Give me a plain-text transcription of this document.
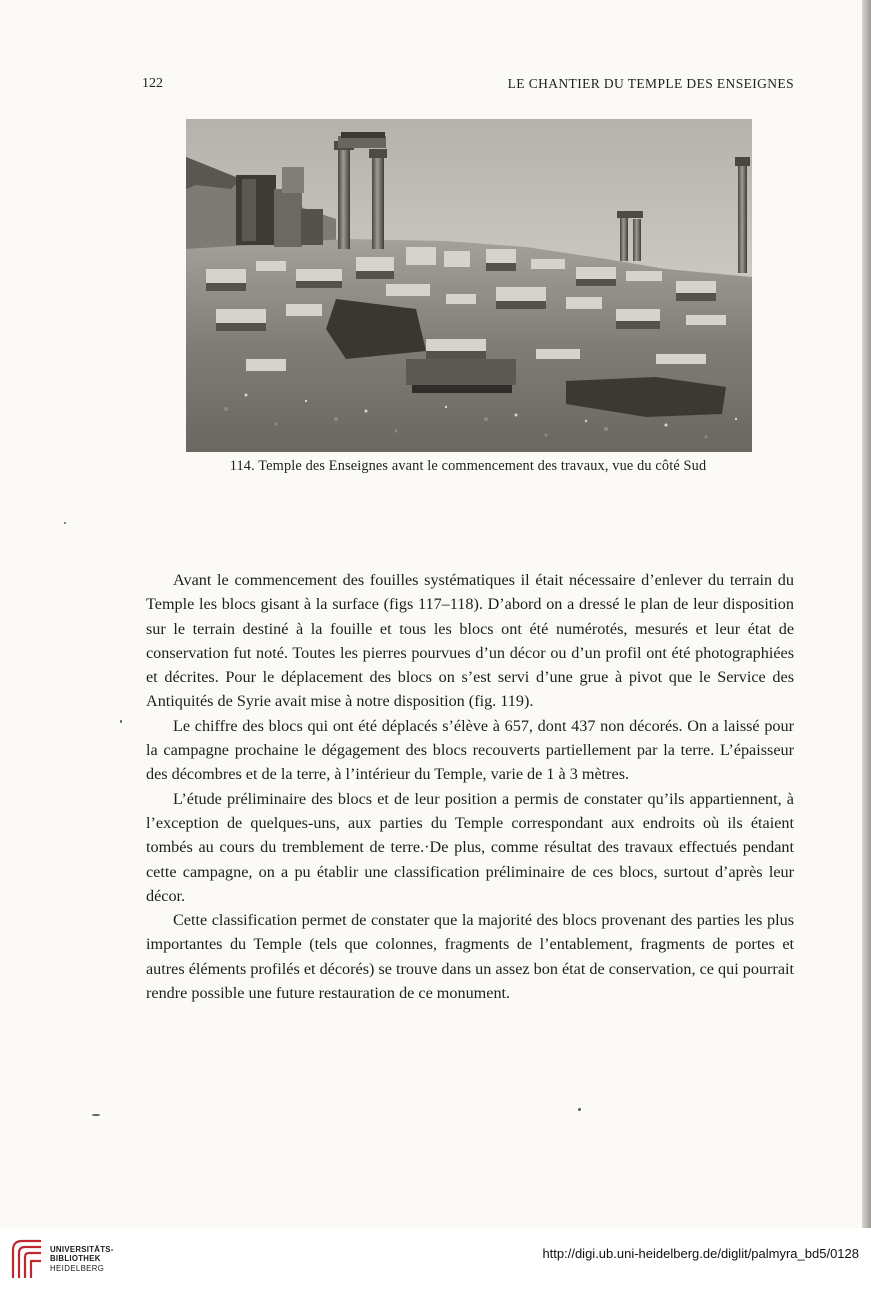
122	LE CHANTIER DU TEMPLE DES ENSEIGNES
114. Temple des Enseignes avant le commencement des travaux, vue du côté Sud

Avant le commencement des fouilles systématiques il était nécessaire d’enlever du terrain du Temple les blocs gisant à la surface (figs 117–118). D’abord on a dressé le plan de leur disposition sur le terrain destiné à la fouille et tous les blocs ont été numérotés, mesurés et leur état de conservation fut noté. Toutes les pierres pourvues d’un décor ou d’un profil ont été photographiées et décrites. Pour le déplacement des blocs on s’est servi d’une grue à pivot que le Service des Antiquités de Syrie avait mise à notre disposition (fig. 119).

Le chiffre des blocs qui ont été déplacés s’élève à 657, dont 437 non décorés. On a laissé pour la campagne prochaine le dégagement des blocs recouverts partiellement par la terre. L’épaisseur des décombres et de la terre, à l’intérieur du Temple, varie de 1 à 3 mètres.

L’étude préliminaire des blocs et de leur position a permis de constater qu’ils appartiennent, à l’exception de quelques-uns, aux parties du Temple correspondant aux endroits où ils étaient tombés au cours du tremblement de terre.·De plus, comme résultat des travaux effectués pendant cette campagne, on a pu établir une classification préliminaire de ces blocs, surtout d’après leur décor.

Cette classification permet de constater que la majorité des blocs provenant des parties les plus importantes du Temple (tels que colonnes, fragments de l’entablement, fragments de portes et autres éléments profilés et décorés) se trouve dans un assez bon état de conservation, ce qui pourrait rendre possible une future restauration de ce monument.

UNIVERSITÄTS-
BIBLIOTHEK
HEIDELBERG
http://digi.ub.uni-heidelberg.de/diglit/palmyra_bd5/0128
